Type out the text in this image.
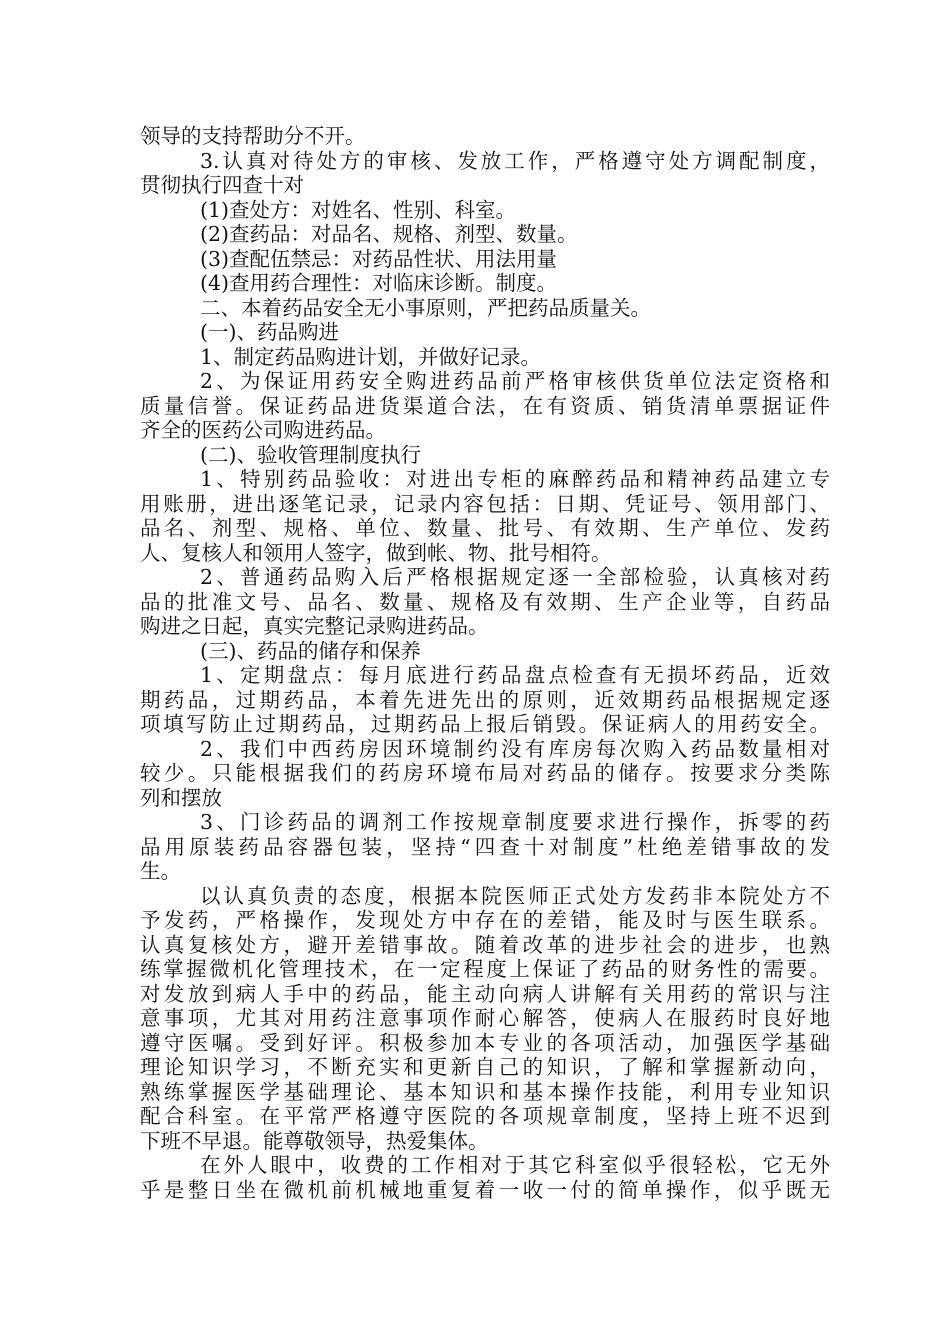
领导的支持帮助分不开。
3.认真对待处方的审核、发放工作，严格遵守处方调配制度，
贯彻执行四查十对
(1)查处方：对姓名、性别、科室。
(2)查药品：对品名、规格、剂型、数量。
(3)查配伍禁忌：对药品性状、用法用量
(4)查用药合理性：对临床诊断。制度。
二、本着药品安全无小事原则，严把药品质量关。
(一)、药品购进
1、制定药品购进计划，并做好记录。
2、为保证用药安全购进药品前严格审核供货单位法定资格和
质量信誉。保证药品进货渠道合法，在有资质、销货清单票据证件
齐全的医药公司购进药品。
(二)、验收管理制度执行
1、特别药品验收：对进出专柜的麻醉药品和精神药品建立专
用账册，进出逐笔记录，记录内容包括：日期、凭证号、领用部门、
品名、剂型、规格、单位、数量、批号、有效期、生产单位、发药
人、复核人和领用人签字，做到帐、物、批号相符。
2、普通药品购入后严格根据规定逐一全部检验，认真核对药
品的批准文号、品名、数量、规格及有效期、生产企业等，自药品
购进之日起，真实完整记录购进药品。
(三)、药品的储存和保养
1、定期盘点：每月底进行药品盘点检查有无损坏药品，近效
期药品，过期药品，本着先进先出的原则，近效期药品根据规定逐
项填写防止过期药品，过期药品上报后销毁。保证病人的用药安全。
2、我们中西药房因环境制约没有库房每次购入药品数量相对
较少。只能根据我们的药房环境布局对药品的储存。按要求分类陈
列和摆放
3、门诊药品的调剂工作按规章制度要求进行操作，拆零的药
品用原装药品容器包装，坚持“四查十对制度”杜绝差错事故的发
生。
以认真负责的态度，根据本院医师正式处方发药非本院处方不
予发药，严格操作，发现处方中存在的差错，能及时与医生联系。
认真复核处方，避开差错事故。随着改革的进步社会的进步，也熟
练掌握微机化管理技术，在一定程度上保证了药品的财务性的需要。
对发放到病人手中的药品，能主动向病人讲解有关用药的常识与注
意事项，尤其对用药注意事项作耐心解答，使病人在服药时良好地
遵守医嘱。受到好评。积极参加本专业的各项活动，加强医学基础
理论知识学习，不断充实和更新自己的知识，了解和掌握新动向，
熟练掌握医学基础理论、基本知识和基本操作技能，利用专业知识
配合科室。在平常严格遵守医院的各项规章制度，坚持上班不迟到
下班不早退。能尊敬领导，热爱集体。
在外人眼中，收费的工作相对于其它科室似乎很轻松，它无外
乎是整日坐在微机前机械地重复着一收一付的简单操作，似乎既无
